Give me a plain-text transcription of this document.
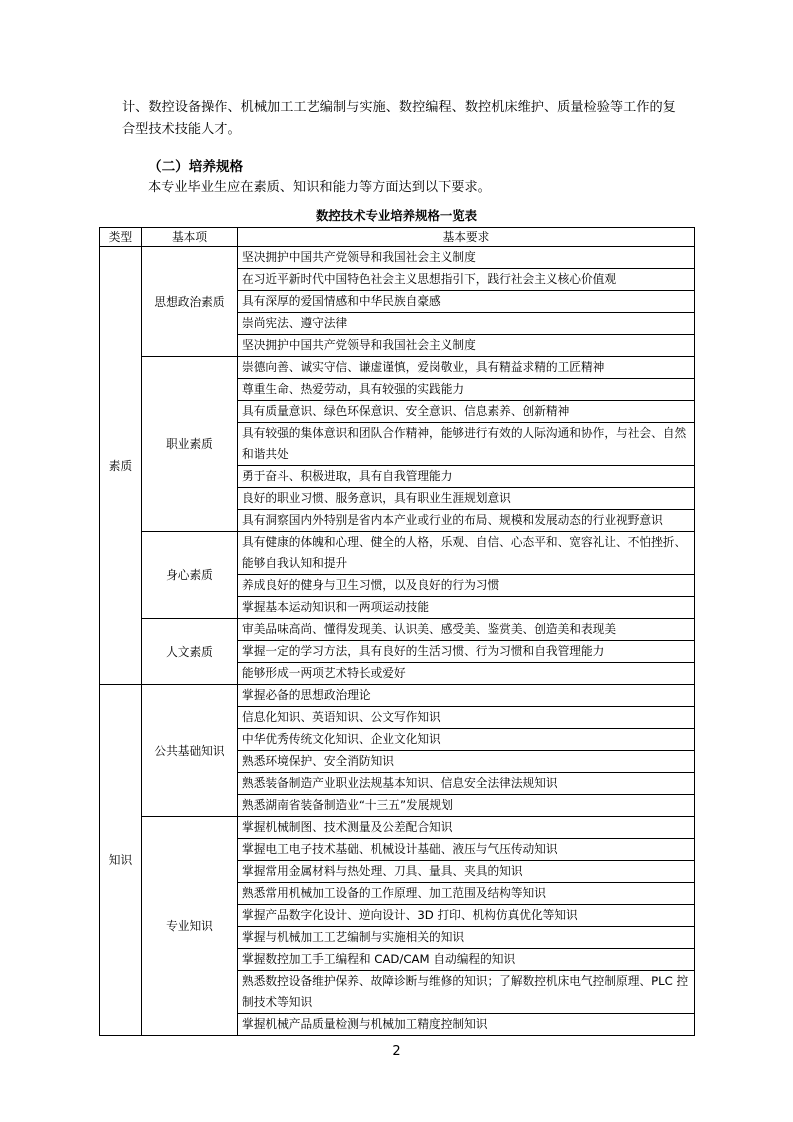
计、数控设备操作、机械加工工艺编制与实施、数控编程、数控机床维护、质量检验等工作的复合型技术技能人才。

（二）培养规格

本专业毕业生应在素质、知识和能力等方面达到以下要求。

数控技术专业培养规格一览表
类型	基本项	基本要求
素质	思想政治素质	坚决拥护中国共产党领导和我国社会主义制度
		在习近平新时代中国特色社会主义思想指引下，践行社会主义核心价值观
		具有深厚的爱国情感和中华民族自豪感
		崇尚宪法、遵守法律
		坚决拥护中国共产党领导和我国社会主义制度
	职业素质	崇德向善、诚实守信、谦虚谨慎，爱岗敬业，具有精益求精的工匠精神
		尊重生命、热爱劳动，具有较强的实践能力
		具有质量意识、绿色环保意识、安全意识、信息素养、创新精神
		具有较强的集体意识和团队合作精神，能够进行有效的人际沟通和协作，与社会、自然和谐共处
		勇于奋斗、积极进取，具有自我管理能力
		良好的职业习惯、服务意识，具有职业生涯规划意识
		具有洞察国内外特别是省内本产业或行业的布局、规模和发展动态的行业视野意识
	身心素质	具有健康的体魄和心理、健全的人格，乐观、自信、心态平和、宽容礼让、不怕挫折、能够自我认知和提升
		养成良好的健身与卫生习惯，以及良好的行为习惯
		掌握基本运动知识和一两项运动技能
	人文素质	审美品味高尚、懂得发现美、认识美、感受美、鉴赏美、创造美和表现美
		掌握一定的学习方法，具有良好的生活习惯、行为习惯和自我管理能力
		能够形成一两项艺术特长或爱好
知识	公共基础知识	掌握必备的思想政治理论
		信息化知识、英语知识、公文写作知识
		中华优秀传统文化知识、企业文化知识
		熟悉环境保护、安全消防知识
		熟悉装备制造产业职业法规基本知识、信息安全法律法规知识
		熟悉湖南省装备制造业“十三五”发展规划
	专业知识	掌握机械制图、技术测量及公差配合知识
		掌握电工电子技术基础、机械设计基础、液压与气压传动知识
		掌握常用金属材料与热处理、刀具、量具、夹具的知识
		熟悉常用机械加工设备的工作原理、加工范围及结构等知识
		掌握产品数字化设计、逆向设计、3D 打印、机构仿真优化等知识
		掌握与机械加工工艺编制与实施相关的知识
		掌握数控加工手工编程和 CAD/CAM 自动编程的知识
		熟悉数控设备维护保养、故障诊断与维修的知识；了解数控机床电气控制原理、PLC 控制技术等知识
		掌握机械产品质量检测与机械加工精度控制知识
2
